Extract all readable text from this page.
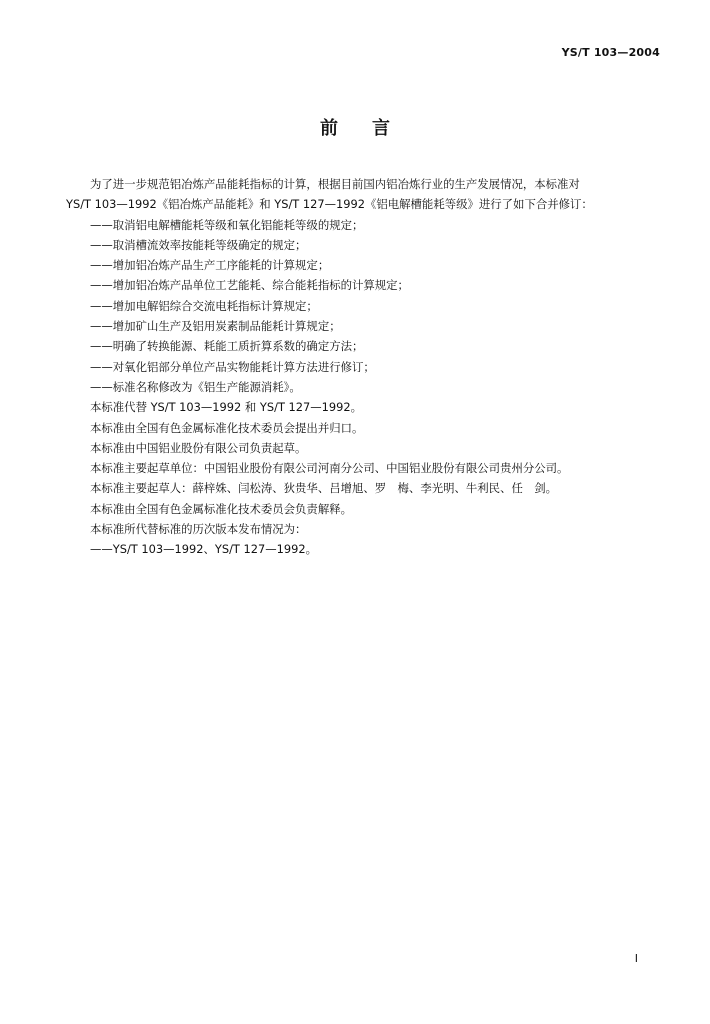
YS/T 103—2004
前言
为了进一步规范铝冶炼产品能耗指标的计算，根据目前国内铝冶炼行业的生产发展情况，本标准对
YS/T 103—1992《铝冶炼产品能耗》和 YS/T 127—1992《铝电解槽能耗等级》进行了如下合并修订：
——取消铝电解槽能耗等级和氧化铝能耗等级的规定；
——取消槽流效率按能耗等级确定的规定；
——增加铝冶炼产品生产工序能耗的计算规定；
——增加铝冶炼产品单位工艺能耗、综合能耗指标的计算规定；
——增加电解铝综合交流电耗指标计算规定；
——增加矿山生产及铝用炭素制品能耗计算规定；
——明确了转换能源、耗能工质折算系数的确定方法；
——对氧化铝部分单位产品实物能耗计算方法进行修订；
——标准名称修改为《铝生产能源消耗》。
本标准代替 YS/T 103—1992 和 YS/T 127—1992。
本标准由全国有色金属标准化技术委员会提出并归口。
本标准由中国铝业股份有限公司负责起草。
本标准主要起草单位：中国铝业股份有限公司河南分公司、中国铝业股份有限公司贵州分公司。
本标准主要起草人：薛梓姝、闫松涛、狄贵华、吕增旭、罗　梅、李光明、牛利民、任　剑。
本标准由全国有色金属标准化技术委员会负责解释。
本标准所代替标准的历次版本发布情况为：
——YS/T 103—1992、YS/T 127—1992。
I
